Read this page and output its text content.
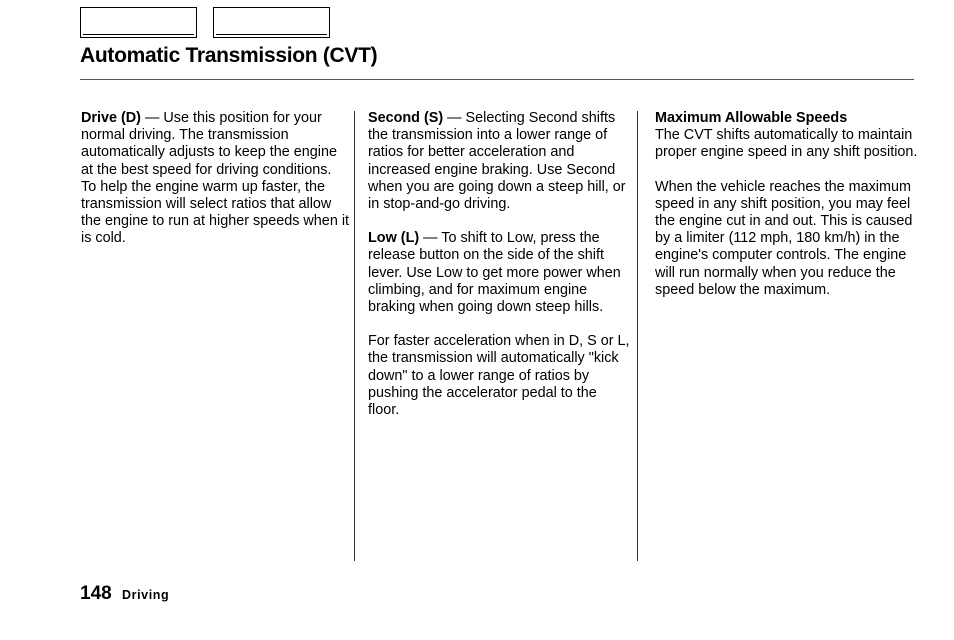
Automatic Transmission (CVT)

Drive (D) — Use this position for your normal driving. The transmission automatically adjusts to keep the engine at the best speed for driving conditions. To help the engine warm up faster, the transmission will select ratios that allow the engine to run at higher speeds when it is cold.

Second (S) — Selecting Second shifts the transmission into a lower range of ratios for better acceleration and increased engine braking. Use Second when you are going down a steep hill, or in stop-and-go driving.

Low (L) — To shift to Low, press the release button on the side of the shift lever. Use Low to get more power when climbing, and for maximum engine braking when going down steep hills.

For faster acceleration when in D, S or L, the transmission will automatically "kick down" to a lower range of ratios by pushing the accelerator pedal to the floor.

Maximum Allowable Speeds
The CVT shifts automatically to maintain proper engine speed in any shift position.

When the vehicle reaches the maximum speed in any shift position, you may feel the engine cut in and out. This is caused by a limiter (112 mph, 180 km/h) in the engine's computer controls. The engine will run normally when you reduce the speed below the maximum.

148 Driving
